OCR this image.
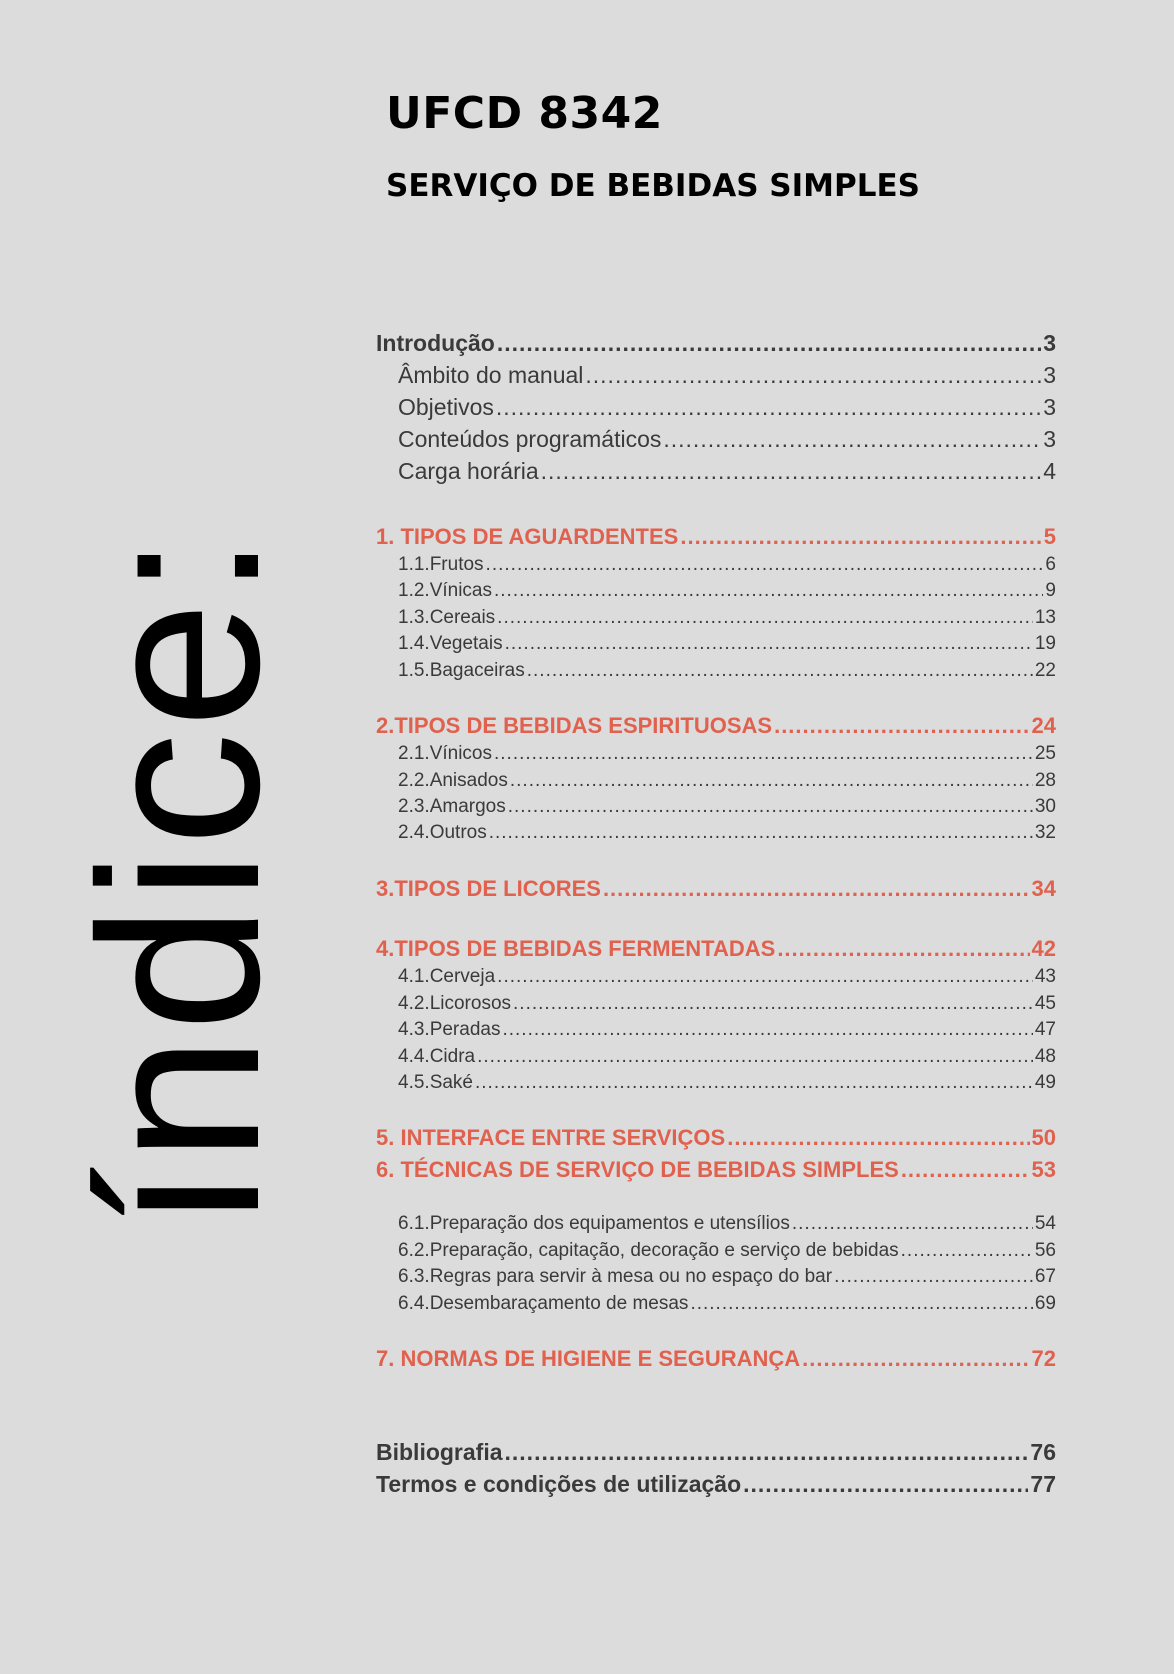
UFCD 8342
SERVIÇO DE BEBIDAS SIMPLES
índice:
Introdução .....	3
Âmbito do manual .....	3
Objetivos .....	3
Conteúdos programáticos .....	3
Carga horária .....	4
1. TIPOS DE AGUARDENTES .....	5
1.1.Frutos .....	6
1.2.Vínicas .....	9
1.3.Cereais .....	13
1.4.Vegetais .....	19
1.5.Bagaceiras .....	22
2.TIPOS DE BEBIDAS ESPIRITUOSAS .....	24
2.1.Vínicos .....	25
2.2.Anisados .....	28
2.3.Amargos .....	30
2.4.Outros .....	32
3.TIPOS DE LICORES .....	34
4.TIPOS DE BEBIDAS FERMENTADAS .....	42
4.1.Cerveja .....	43
4.2.Licorosos .....	45
4.3.Peradas .....	47
4.4.Cidra .....	48
4.5.Saké .....	49
5. INTERFACE ENTRE SERVIÇOS .....	50
6. TÉCNICAS DE SERVIÇO DE BEBIDAS SIMPLES .....	53
6.1.Preparação dos equipamentos e utensílios .....	54
6.2.Preparação, capitação, decoração e serviço de bebidas .....	56
6.3.Regras para servir à mesa ou no espaço do bar .....	67
6.4.Desembaraçamento de mesas .....	69
7. NORMAS DE HIGIENE E SEGURANÇA .....	72
Bibliografia .....	76
Termos e condições de utilização .....	77
